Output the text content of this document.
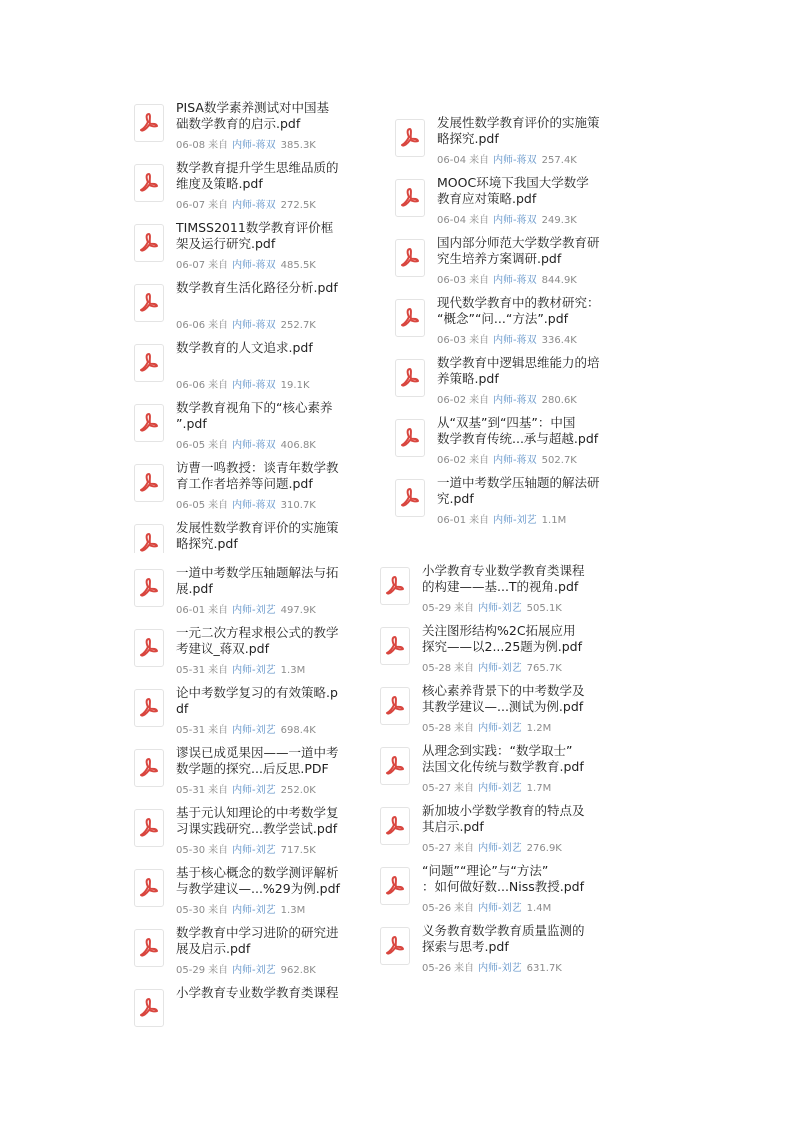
PISA数学素养测试对中国基
础数学教育的启示.pdf
06-08 来自 内师-蒋双 385.3K
数学教育提升学生思维品质的
维度及策略.pdf
06-07 来自 内师-蒋双 272.5K
TIMSS2011数学教育评价框
架及运行研究.pdf
06-07 来自 内师-蒋双 485.5K
数学教育生活化路径分析.pdf
06-06 来自 内师-蒋双 252.7K
数学教育的人文追求.pdf
06-06 来自 内师-蒋双 19.1K
数学教育视角下的“核心素养
”.pdf
06-05 来自 内师-蒋双 406.8K
访曹一鸣教授：谈青年数学教
育工作者培养等问题.pdf
06-05 来自 内师-蒋双 310.7K
发展性数学教育评价的实施策
略探究.pdf
发展性数学教育评价的实施策
略探究.pdf
06-04 来自 内师-蒋双 257.4K
MOOC环境下我国大学数学
教育应对策略.pdf
06-04 来自 内师-蒋双 249.3K
国内部分师范大学数学教育研
究生培养方案调研.pdf
06-03 来自 内师-蒋双 844.9K
现代数学教育中的教材研究：
“概念”“问...“方法”.pdf
06-03 来自 内师-蒋双 336.4K
数学教育中逻辑思维能力的培
养策略.pdf
06-02 来自 内师-蒋双 280.6K
从“双基”到“四基”：中国
数学教育传统...承与超越.pdf
06-02 来自 内师-蒋双 502.7K
一道中考数学压轴题的解法研
究.pdf
06-01 来自 内师-刘艺 1.1M
一道中考数学压轴题解法与拓
展.pdf
06-01 来自 内师-刘艺 497.9K
一元二次方程求根公式的教学
考建议_蒋双.pdf
05-31 来自 内师-刘艺 1.3M
论中考数学复习的有效策略.p
df
05-31 来自 内师-刘艺 698.4K
谬误已成觅果因——一道中考
数学题的探究...后反思.PDF
05-31 来自 内师-刘艺 252.0K
基于元认知理论的中考数学复
习课实践研究...教学尝试.pdf
05-30 来自 内师-刘艺 717.5K
基于核心概念的数学测评解析
与教学建议—...%29为例.pdf
05-30 来自 内师-刘艺 1.3M
数学教育中学习进阶的研究进
展及启示.pdf
05-29 来自 内师-刘艺 962.8K
小学教育专业数学教育类课程
小学教育专业数学教育类课程
的构建——基...T的视角.pdf
05-29 来自 内师-刘艺 505.1K
关注图形结构%2C拓展应用
探究——以2...25题为例.pdf
05-28 来自 内师-刘艺 765.7K
核心素养背景下的中考数学及
其教学建议—...测试为例.pdf
05-28 来自 内师-刘艺 1.2M
从理念到实践：“数学取士”
法国文化传统与数学教育.pdf
05-27 来自 内师-刘艺 1.7M
新加坡小学数学教育的特点及
其启示.pdf
05-27 来自 内师-刘艺 276.9K
“问题”“理论”与“方法”
：如何做好数...Niss教授.pdf
05-26 来自 内师-刘艺 1.4M
义务教育数学教育质量监测的
探索与思考.pdf
05-26 来自 内师-刘艺 631.7K
